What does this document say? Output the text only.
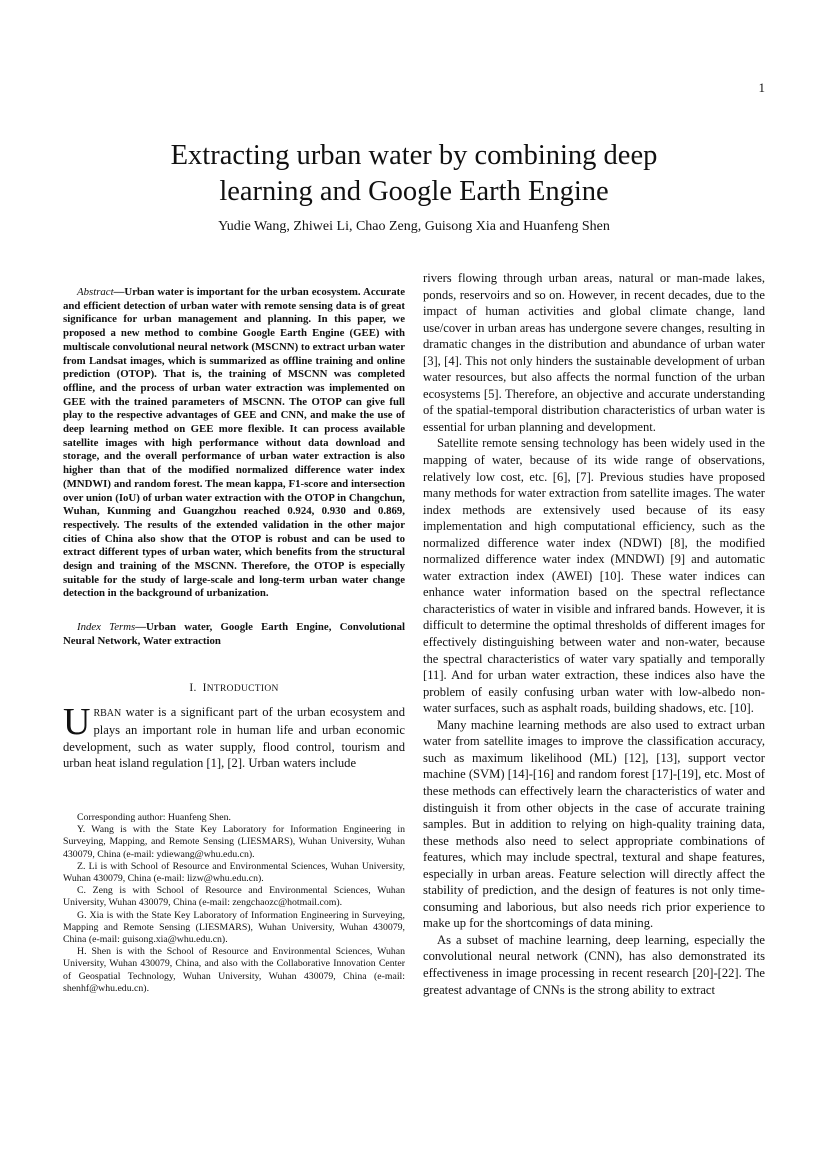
1
Extracting urban water by combining deep
learning and Google Earth Engine

Yudie Wang, Zhiwei Li, Chao Zeng, Guisong Xia and Huanfeng Shen

Abstract—Urban water is important for the urban ecosystem. Accurate and efficient detection of urban water with remote sensing data is of great significance for urban management and planning. In this paper, we proposed a new method to combine Google Earth Engine (GEE) with multiscale convolutional neural network (MSCNN) to extract urban water from Landsat images, which is summarized as offline training and online prediction (OTOP). That is, the training of MSCNN was completed offline, and the process of urban water extraction was implemented on GEE with the trained parameters of MSCNN. The OTOP can give full play to the respective advantages of GEE and CNN, and make the use of deep learning method on GEE more flexible. It can process available satellite images with high performance without data download and storage, and the overall performance of urban water extraction is also higher than that of the modified normalized difference water index (MNDWI) and random forest. The mean kappa, F1-score and intersection over union (IoU) of urban water extraction with the OTOP in Changchun, Wuhan, Kunming and Guangzhou reached 0.924, 0.930 and 0.869, respectively. The results of the extended validation in the other major cities of China also show that the OTOP is robust and can be used to extract different types of urban water, which benefits from the structural design and training of the MSCNN. Therefore, the OTOP is especially suitable for the study of large-scale and long-term urban water change detection in the background of urbanization.

Index Terms—Urban water, Google Earth Engine, Convolutional Neural Network, Water extraction

I. INTRODUCTION

URBAN water is a significant part of the urban ecosystem and plays an important role in human life and urban economic development, such as water supply, flood control, tourism and urban heat island regulation [1], [2]. Urban waters include

Corresponding author: Huanfeng Shen.

Y. Wang is with the State Key Laboratory for Information Engineering in Surveying, Mapping, and Remote Sensing (LIESMARS), Wuhan University, Wuhan 430079, China (e-mail: ydiewang@whu.edu.cn).

Z. Li is with School of Resource and Environmental Sciences, Wuhan University, Wuhan 430079, China (e-mail: lizw@whu.edu.cn).

C. Zeng is with School of Resource and Environmental Sciences, Wuhan University, Wuhan 430079, China (e-mail: zengchaozc@hotmail.com).

G. Xia is with the State Key Laboratory of Information Engineering in Surveying, Mapping and Remote Sensing (LIESMARS), Wuhan University, Wuhan 430079, China (e-mail: guisong.xia@whu.edu.cn).

H. Shen is with the School of Resource and Environmental Sciences, Wuhan University, Wuhan 430079, China, and also with the Collaborative Innovation Center of Geospatial Technology, Wuhan University, Wuhan 430079, China (e-mail: shenhf@whu.edu.cn).

rivers flowing through urban areas, natural or man-made lakes, ponds, reservoirs and so on. However, in recent decades, due to the impact of human activities and global climate change, land use/cover in urban areas has undergone severe changes, resulting in dramatic changes in the distribution and abundance of urban water [3], [4]. This not only hinders the sustainable development of urban water resources, but also affects the normal function of the urban ecosystems [5]. Therefore, an objective and accurate understanding of the spatial-temporal distribution characteristics of urban water is essential for urban planning and development.

Satellite remote sensing technology has been widely used in the mapping of water, because of its wide range of observations, relatively low cost, etc. [6], [7]. Previous studies have proposed many methods for water extraction from satellite images. The water index methods are extensively used because of its easy implementation and high computational efficiency, such as the normalized difference water index (NDWI) [8], the modified normalized difference water index (MNDWI) [9] and automatic water extraction index (AWEI) [10]. These water indices can enhance water information based on the spectral reflectance characteristics of water in visible and infrared bands. However, it is difficult to determine the optimal thresholds of different images for effectively distinguishing between water and non-water, because the spectral characteristics of water vary spatially and temporally [11]. And for urban water extraction, these indices also have the problem of easily confusing urban water with low-albedo non-water surfaces, such as asphalt roads, building shadows, etc. [10].

Many machine learning methods are also used to extract urban water from satellite images to improve the classification accuracy, such as maximum likelihood (ML) [12], [13], support vector machine (SVM) [14]-[16] and random forest [17]-[19], etc. Most of these methods can effectively learn the characteristics of water and distinguish it from other objects in the case of accurate training samples. But in addition to relying on high-quality training data, these methods also need to select appropriate combinations of features, which may include spectral, textural and shape features, especially in urban areas. Feature selection will directly affect the stability of prediction, and the design of features is not only time-consuming and laborious, but also needs rich prior experience to make up for the shortcomings of data mining.

As a subset of machine learning, deep learning, especially the convolutional neural network (CNN), has also demonstrated its effectiveness in image processing in recent research [20]-[22]. The greatest advantage of CNNs is the strong ability to extract
